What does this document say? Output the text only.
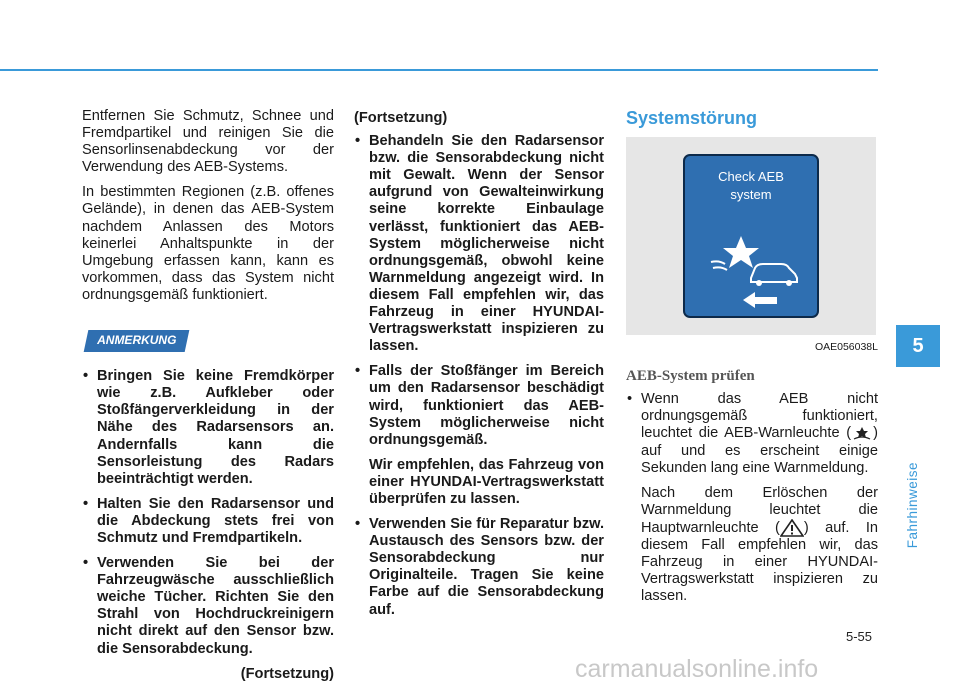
Entfernen Sie Schmutz, Schnee und Fremdpartikel und reinigen Sie die Sensorlinsenabdeckung vor der Verwendung des AEB-Systems.

In bestimmten Regionen (z.B. offenes Gelände), in denen das AEB-System nachdem Anlassen des Motors keinerlei Anhaltspunkte in der Umgebung erfassen kann, kann es vorkommen, dass das System nicht ordnungsgemäß funktioniert.

ANMERKUNG
• Bringen Sie keine Fremdkörper wie z.B. Aufkleber oder Stoßfängerverkleidung in der Nähe des Radarsensors an. Andernfalls kann die Sensorleistung des Radars beeinträchtigt werden.
• Halten Sie den Radarsensor und die Abdeckung stets frei von Schmutz und Fremdpartikeln.
• Verwenden Sie bei der Fahrzeugwäsche ausschließlich weiche Tücher. Richten Sie den Strahl von Hochdruckreinigern nicht direkt auf den Sensor bzw. die Sensorabdeckung.
(Fortsetzung)
(Fortsetzung)
• Behandeln Sie den Radarsensor bzw. die Sensorabdeckung nicht mit Gewalt. Wenn der Sensor aufgrund von Gewalteinwirkung seine korrekte Einbaulage verlässt, funktioniert das AEB-System möglicherweise nicht ordnungsgemäß, obwohl keine Warnmeldung angezeigt wird. In diesem Fall empfehlen wir, das Fahrzeug in einer HYUNDAI-Vertragswerkstatt inspizieren zu lassen.
• Falls der Stoßfänger im Bereich um den Radarsensor beschädigt wird, funktioniert das AEB-System möglicherweise nicht ordnungsgemäß.
Wir empfehlen, das Fahrzeug von einer HYUNDAI-Vertragswerkstatt überprüfen zu lassen.
• Verwenden Sie für Reparatur bzw. Austausch des Sensors bzw. der Sensorabdeckung nur Originalteile. Tragen Sie keine Farbe auf die Sensorabdeckung auf.
Systemstörung
Check AEB
system
OAE056038L
AEB-System prüfen
• Wenn das AEB nicht ordnungsgemäß funktioniert, leuchtet die AEB-Warnleuchte ( ) auf und es erscheint einige Sekunden lang eine Warnmeldung.
Nach dem Erlöschen der Warnmeldung leuchtet die Hauptwarnleuchte ( ) auf. In diesem Fall empfehlen wir, das Fahrzeug in einer HYUNDAI-Vertragswerkstatt inspizieren zu lassen.
5
Fahrhinweise
5-55
carmanualsonline.info
